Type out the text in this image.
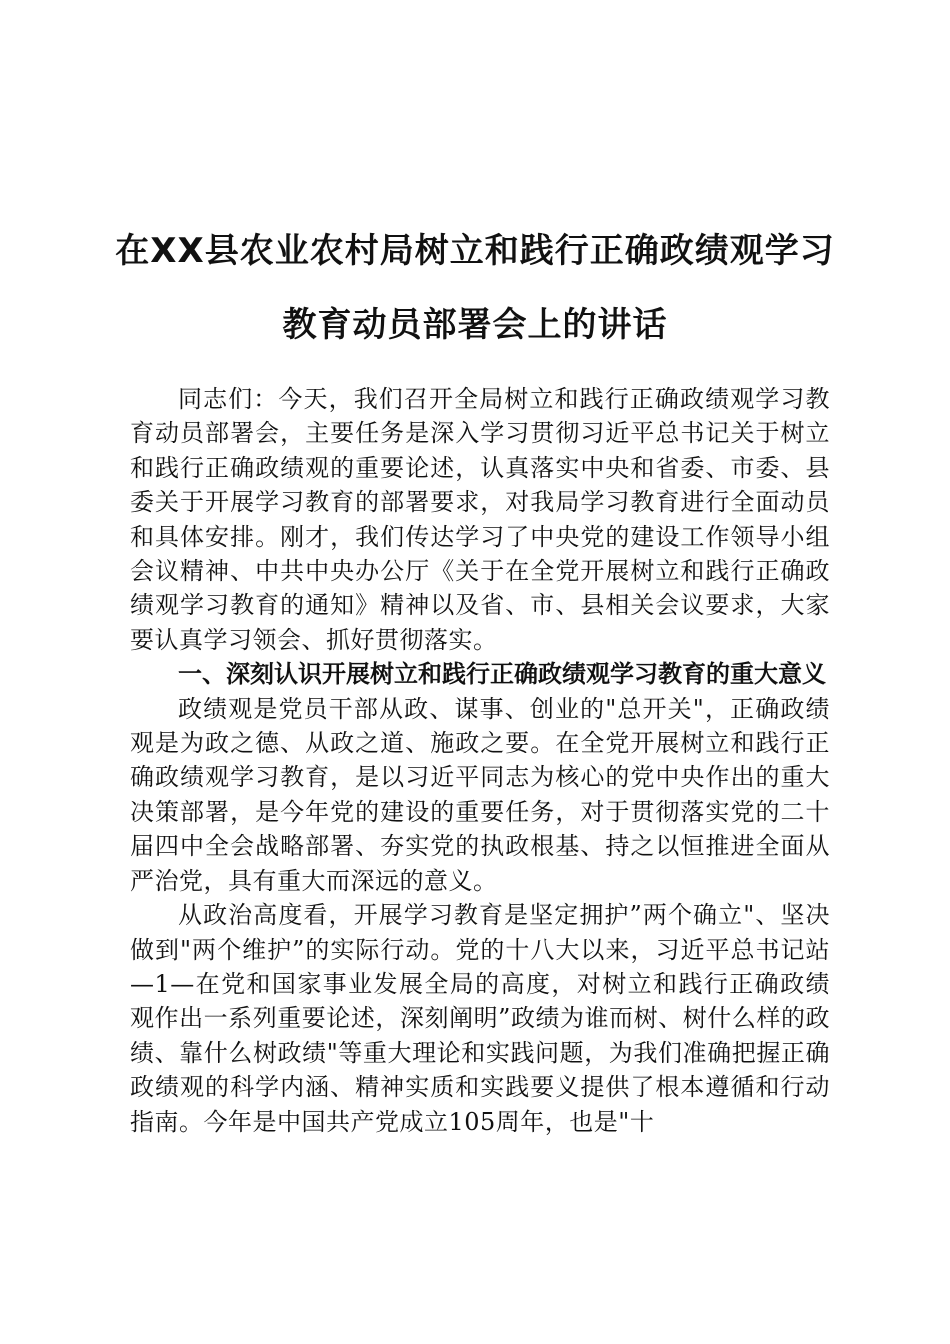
在XX县农业农村局树立和践行正确政绩观学习教育动员部署会上的讲话

同志们：今天，我们召开全局树立和践行正确政绩观学习教育动员部署会，主要任务是深入学习贯彻习近平总书记关于树立和践行正确政绩观的重要论述，认真落实中央和省委、市委、县委关于开展学习教育的部署要求，对我局学习教育进行全面动员和具体安排。刚才，我们传达学习了中央党的建设工作领导小组会议精神、中共中央办公厅《关于在全党开展树立和践行正确政绩观学习教育的通知》精神以及省、市、县相关会议要求，大家要认真学习领会、抓好贯彻落实。

一、深刻认识开展树立和践行正确政绩观学习教育的重大意义

政绩观是党员干部从政、谋事、创业的"总开关"，正确政绩观是为政之德、从政之道、施政之要。在全党开展树立和践行正确政绩观学习教育，是以习近平同志为核心的党中央作出的重大决策部署，是今年党的建设的重要任务，对于贯彻落实党的二十届四中全会战略部署、夯实党的执政根基、持之以恒推进全面从严治党，具有重大而深远的意义。

从政治高度看，开展学习教育是坚定拥护”两个确立"、坚决做到"两个维护”的实际行动。党的十八大以来，习近平总书记站—1—在党和国家事业发展全局的高度，对树立和践行正确政绩观作出一系列重要论述，深刻阐明”政绩为谁而树、树什么样的政绩、靠什么树政绩"等重大理论和实践问题，为我们准确把握正确政绩观的科学内涵、精神实质和实践要义提供了根本遵循和行动指南。今年是中国共产党成立105周年，也是"十
